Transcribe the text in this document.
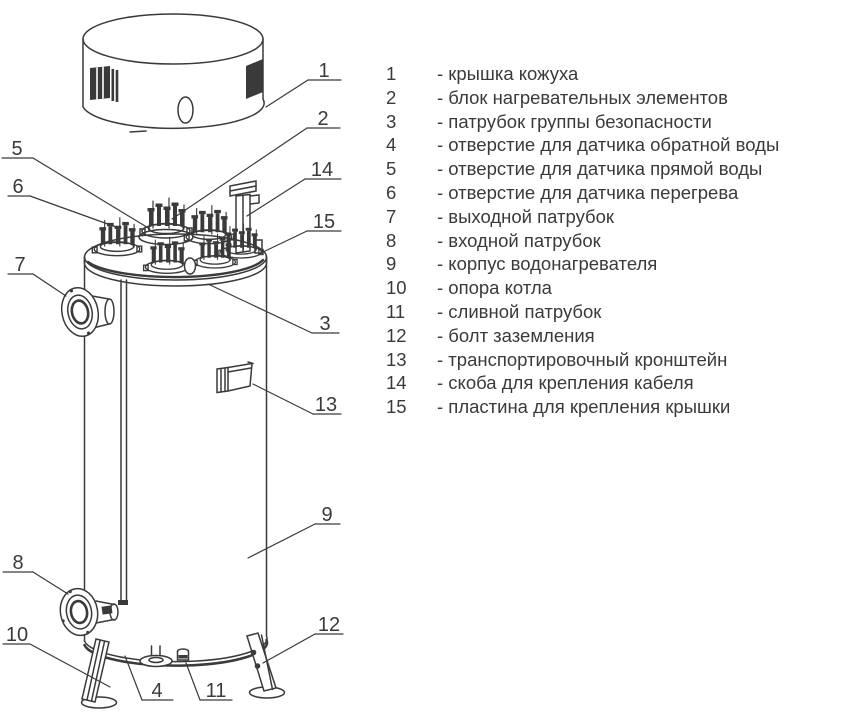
1
2
14
15
5
6
7
3
13
9
8
10	12
4 11
1	- крышка кожуха
2	- блок нагревательных элементов
3	- патрубок группы безопасности
4	- отверстие для датчика обратной воды
5	- отверстие для датчика прямой воды
6	- отверстие для датчика перегрева
7	- выходной патрубок
8	- входной патрубок
9	- корпус водонагревателя
10	- опора котла
11	- сливной патрубок
12	- болт заземления
13	- транспортировочный кронштейн
14	- скоба для крепления кабеля
15	- пластина для крепления крышки
